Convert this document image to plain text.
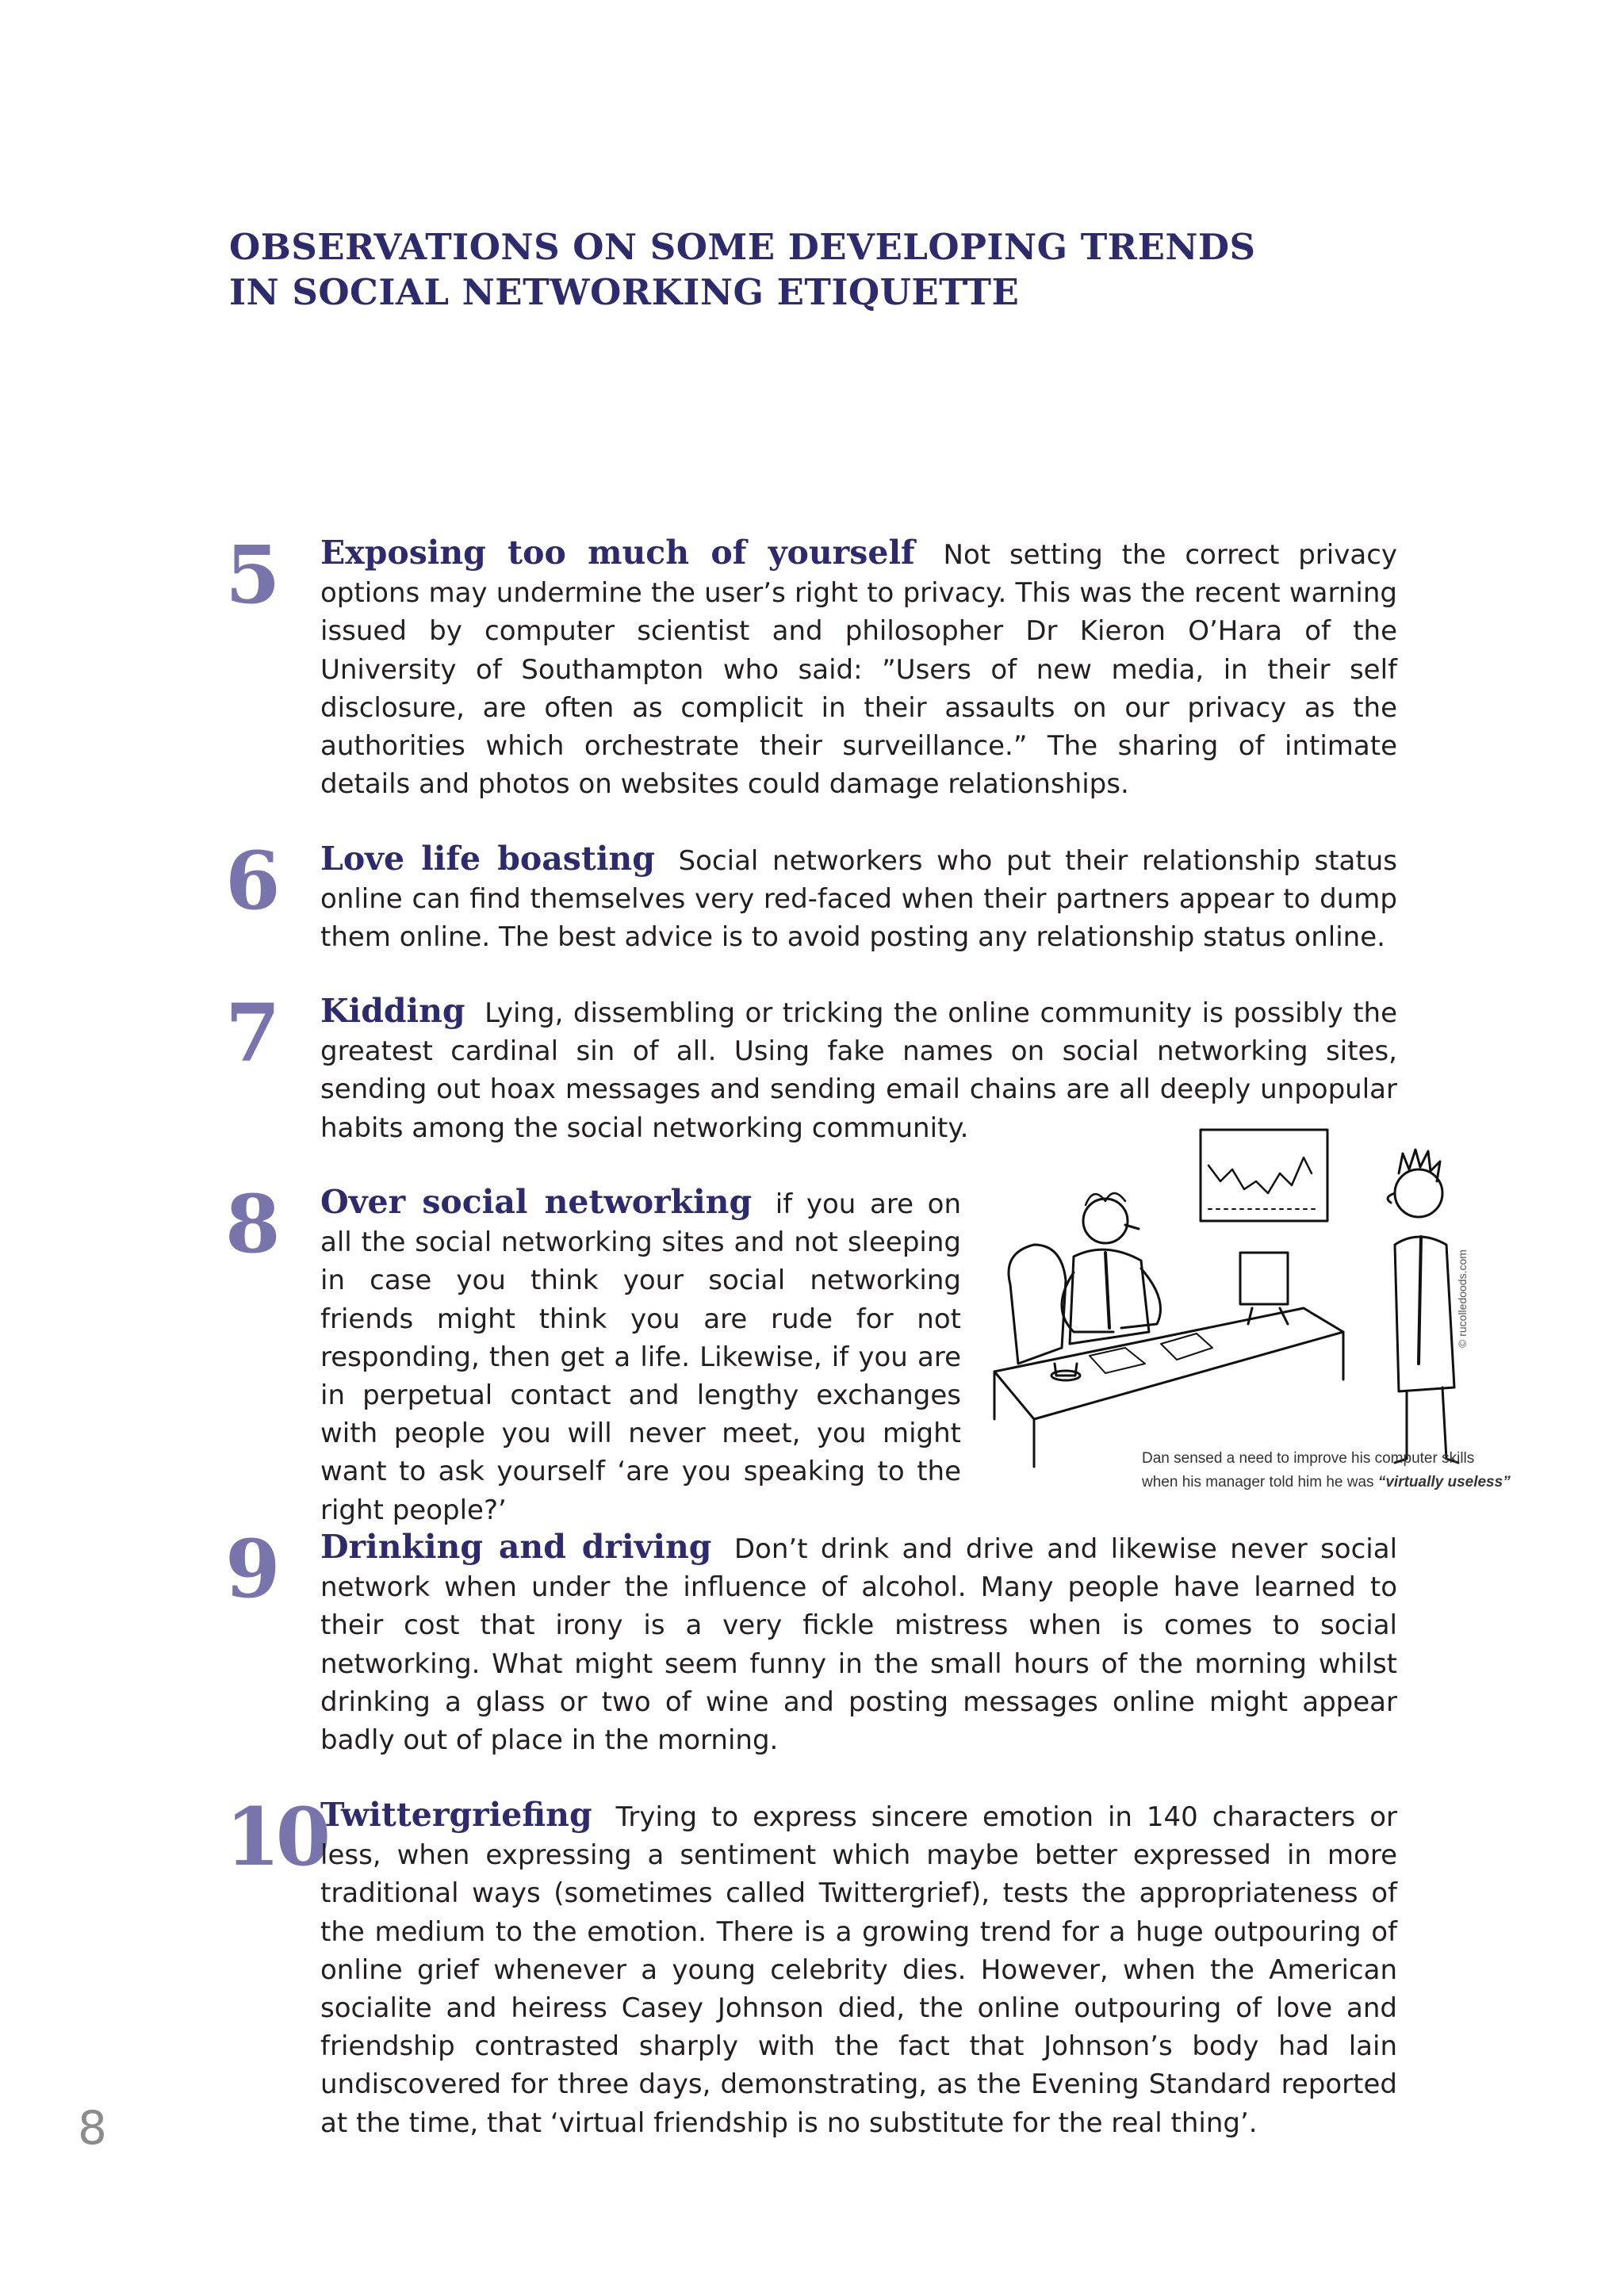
OBSERVATIONS ON SOME DEVELOPING TRENDS
IN SOCIAL NETWORKING ETIQUETTE
5 Exposing too much of yourself Not setting the correct privacy options may undermine the user’s right to privacy. This was the recent warning issued by computer scientist and philosopher Dr Kieron O’Hara of the University of Southampton who said: ”Users of new media, in their self disclosure, are often as complicit in their assaults on our privacy as the authorities which orchestrate their surveillance.” The sharing of intimate details and photos on websites could damage relationships.
6 Love life boasting Social networkers who put their relationship status online can find themselves very red-faced when their partners appear to dump them online. The best advice is to avoid posting any relationship status online.
7 Kidding Lying, dissembling or tricking the online community is possibly the greatest cardinal sin of all. Using fake names on social networking sites, sending out hoax messages and sending email chains are all deeply unpopular habits among the social networking community.
8 Over social networking if you are on all the social networking sites and not sleeping in case you think your social networking friends might think you are rude for not responding, then get a life. Likewise, if you are in perpetual contact and lengthy exchanges with people you will never meet, you might want to ask yourself ‘are you speaking to the right people?’
© rucolledoods.com
Dan sensed a need to improve his computer skills
when his manager told him he was “virtually useless”
9 Drinking and driving Don’t drink and drive and likewise never social network when under the influence of alcohol. Many people have learned to their cost that irony is a very fickle mistress when is comes to social networking. What might seem funny in the small hours of the morning whilst drinking a glass or two of wine and posting messages online might appear badly out of place in the morning.
10
Twittergriefing Trying to express sincere emotion in 140 characters or less, when expressing a sentiment which maybe better expressed in more traditional ways (sometimes called Twittergrief), tests the appropriateness of the medium to the emotion. There is a growing trend for a huge outpouring of online grief whenever a young celebrity dies. However, when the American socialite and heiress Casey Johnson died, the online outpouring of love and friendship contrasted sharply with the fact that Johnson’s body had lain undiscovered for three days, demonstrating, as the Evening Standard reported at the time, that ‘virtual friendship is no substitute for the real thing’.
8
